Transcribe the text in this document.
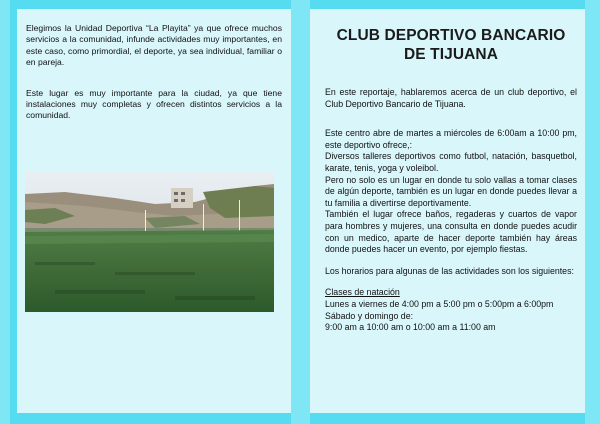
Elegimos la Unidad Deportiva “La Playita” ya que ofrece muchos servicios a la comunidad, infunde actividades muy importantes, en este caso, como primordial, el deporte, ya sea individual, familiar o en pareja.

Este lugar es muy importante para la ciudad, ya que tiene instalaciones muy completas y ofrecen distintos servicios a la comunidad.

CLUB DEPORTIVO BANCARIO DE TIJUANA

En este reportaje, hablaremos acerca de un club deportivo, el Club Deportivo Bancario de Tijuana.

Este centro abre de martes a miércoles de 6:00am a 10:00 pm, este deportivo ofrece,:

Diversos talleres deportivos como futbol, natación, basquetbol, karate, tenis, yoga y voleibol.

Pero no solo es un lugar en donde tu solo vallas a tomar clases de algún deporte, también es un lugar en donde puedes llevar a tu familia a divertirse deportivamente.

También el lugar ofrece baños, regaderas y cuartos de vapor para hombres y mujeres, una consulta en donde puedes acudir con un medico, aparte de hacer deporte también hay áreas donde puedes hacer un evento, por ejemplo fiestas.

Los horarios para algunas de las actividades son los siguientes:

Clases de natación

Lunes a viernes de 4:00 pm a 5:00 pm o 5:00pm a 6:00pm

Sábado y domingo de:

9:00 am a 10:00 am o 10:00 am a 11:00 am
